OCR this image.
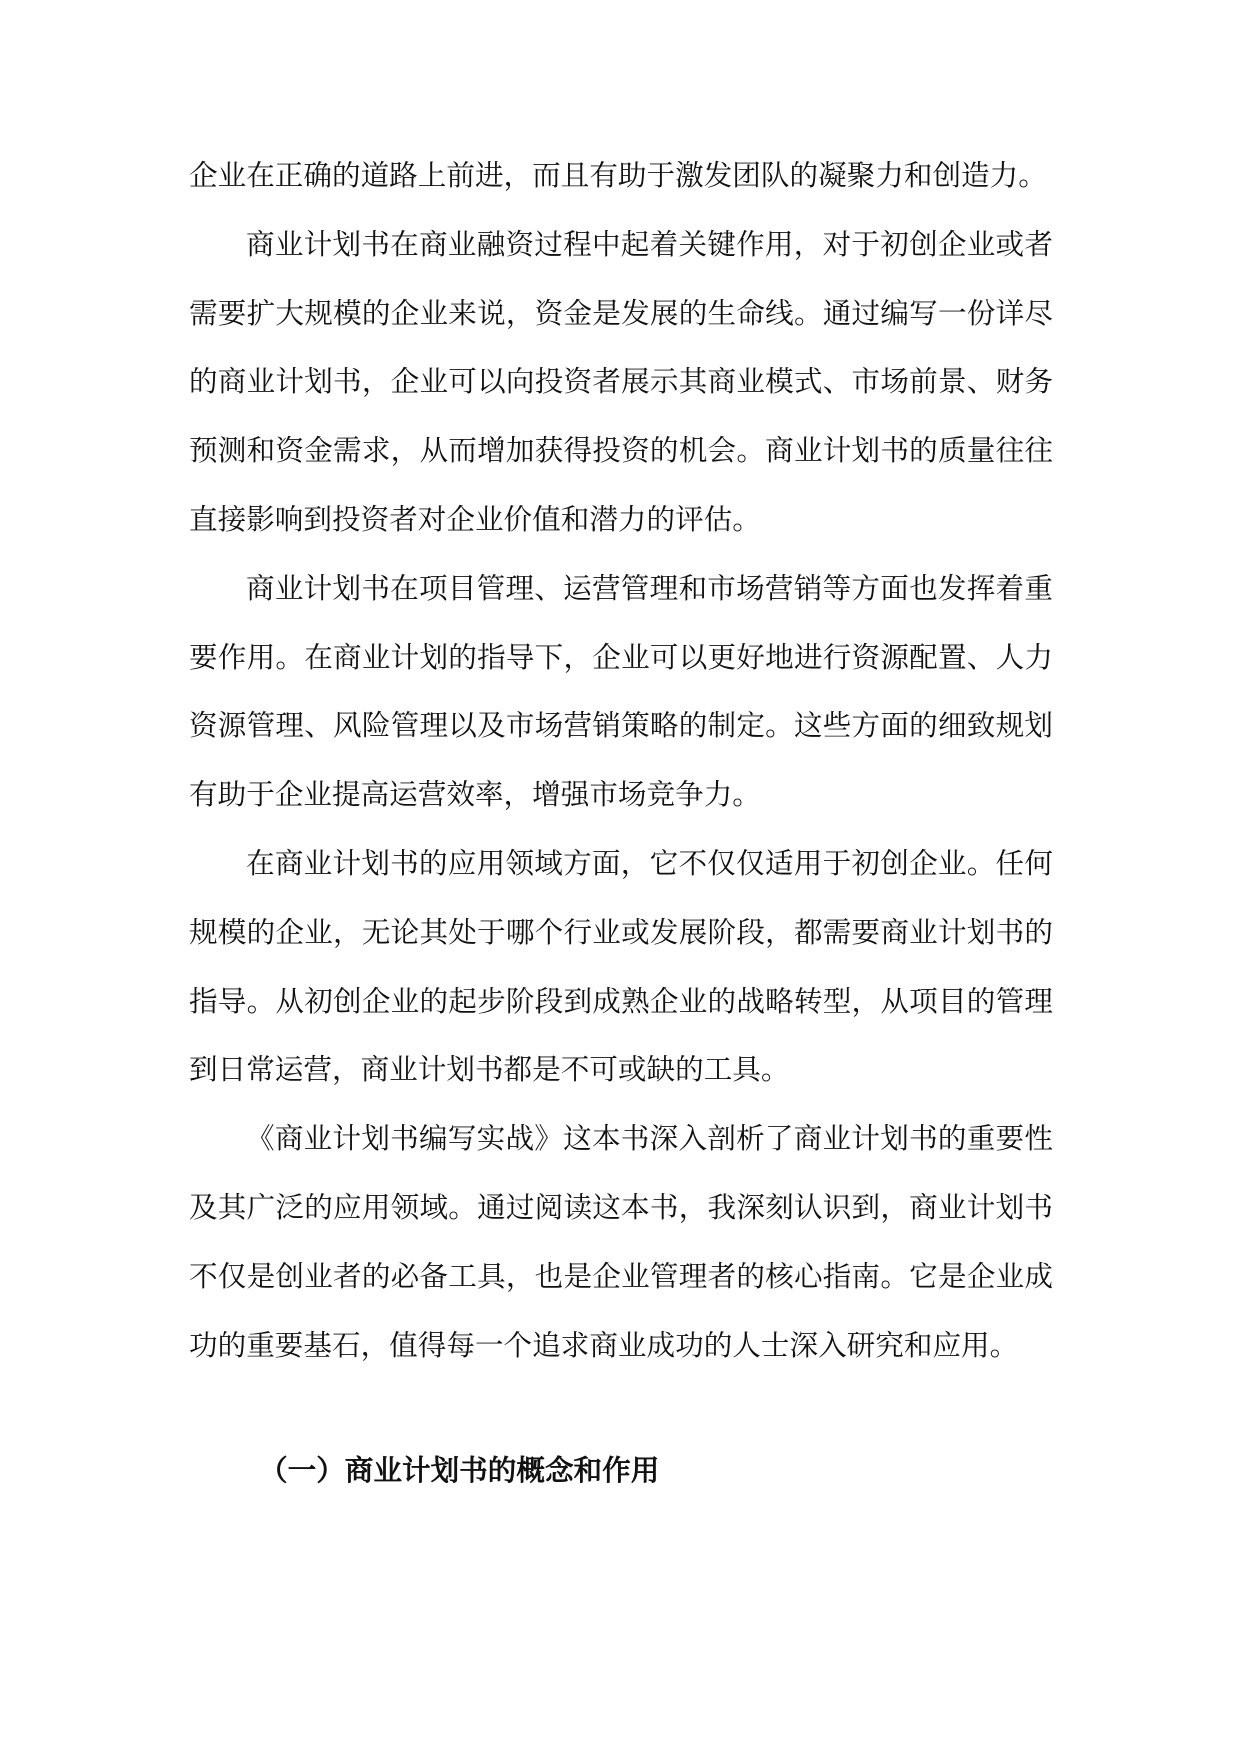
企业在正确的道路上前进，而且有助于激发团队的凝聚力和创造力。
商业计划书在商业融资过程中起着关键作用，对于初创企业或者
需要扩大规模的企业来说，资金是发展的生命线。通过编写一份详尽
的商业计划书，企业可以向投资者展示其商业模式、市场前景、财务
预测和资金需求，从而增加获得投资的机会。商业计划书的质量往往
直接影响到投资者对企业价值和潜力的评估。
商业计划书在项目管理、运营管理和市场营销等方面也发挥着重
要作用。在商业计划的指导下，企业可以更好地进行资源配置、人力
资源管理、风险管理以及市场营销策略的制定。这些方面的细致规划
有助于企业提高运营效率，增强市场竞争力。
在商业计划书的应用领域方面，它不仅仅适用于初创企业。任何
规模的企业，无论其处于哪个行业或发展阶段，都需要商业计划书的
指导。从初创企业的起步阶段到成熟企业的战略转型，从项目的管理
到日常运营，商业计划书都是不可或缺的工具。
《商业计划书编写实战》这本书深入剖析了商业计划书的重要性
及其广泛的应用领域。通过阅读这本书，我深刻认识到，商业计划书
不仅是创业者的必备工具，也是企业管理者的核心指南。它是企业成
功的重要基石，值得每一个追求商业成功的人士深入研究和应用。
（一）商业计划书的概念和作用
